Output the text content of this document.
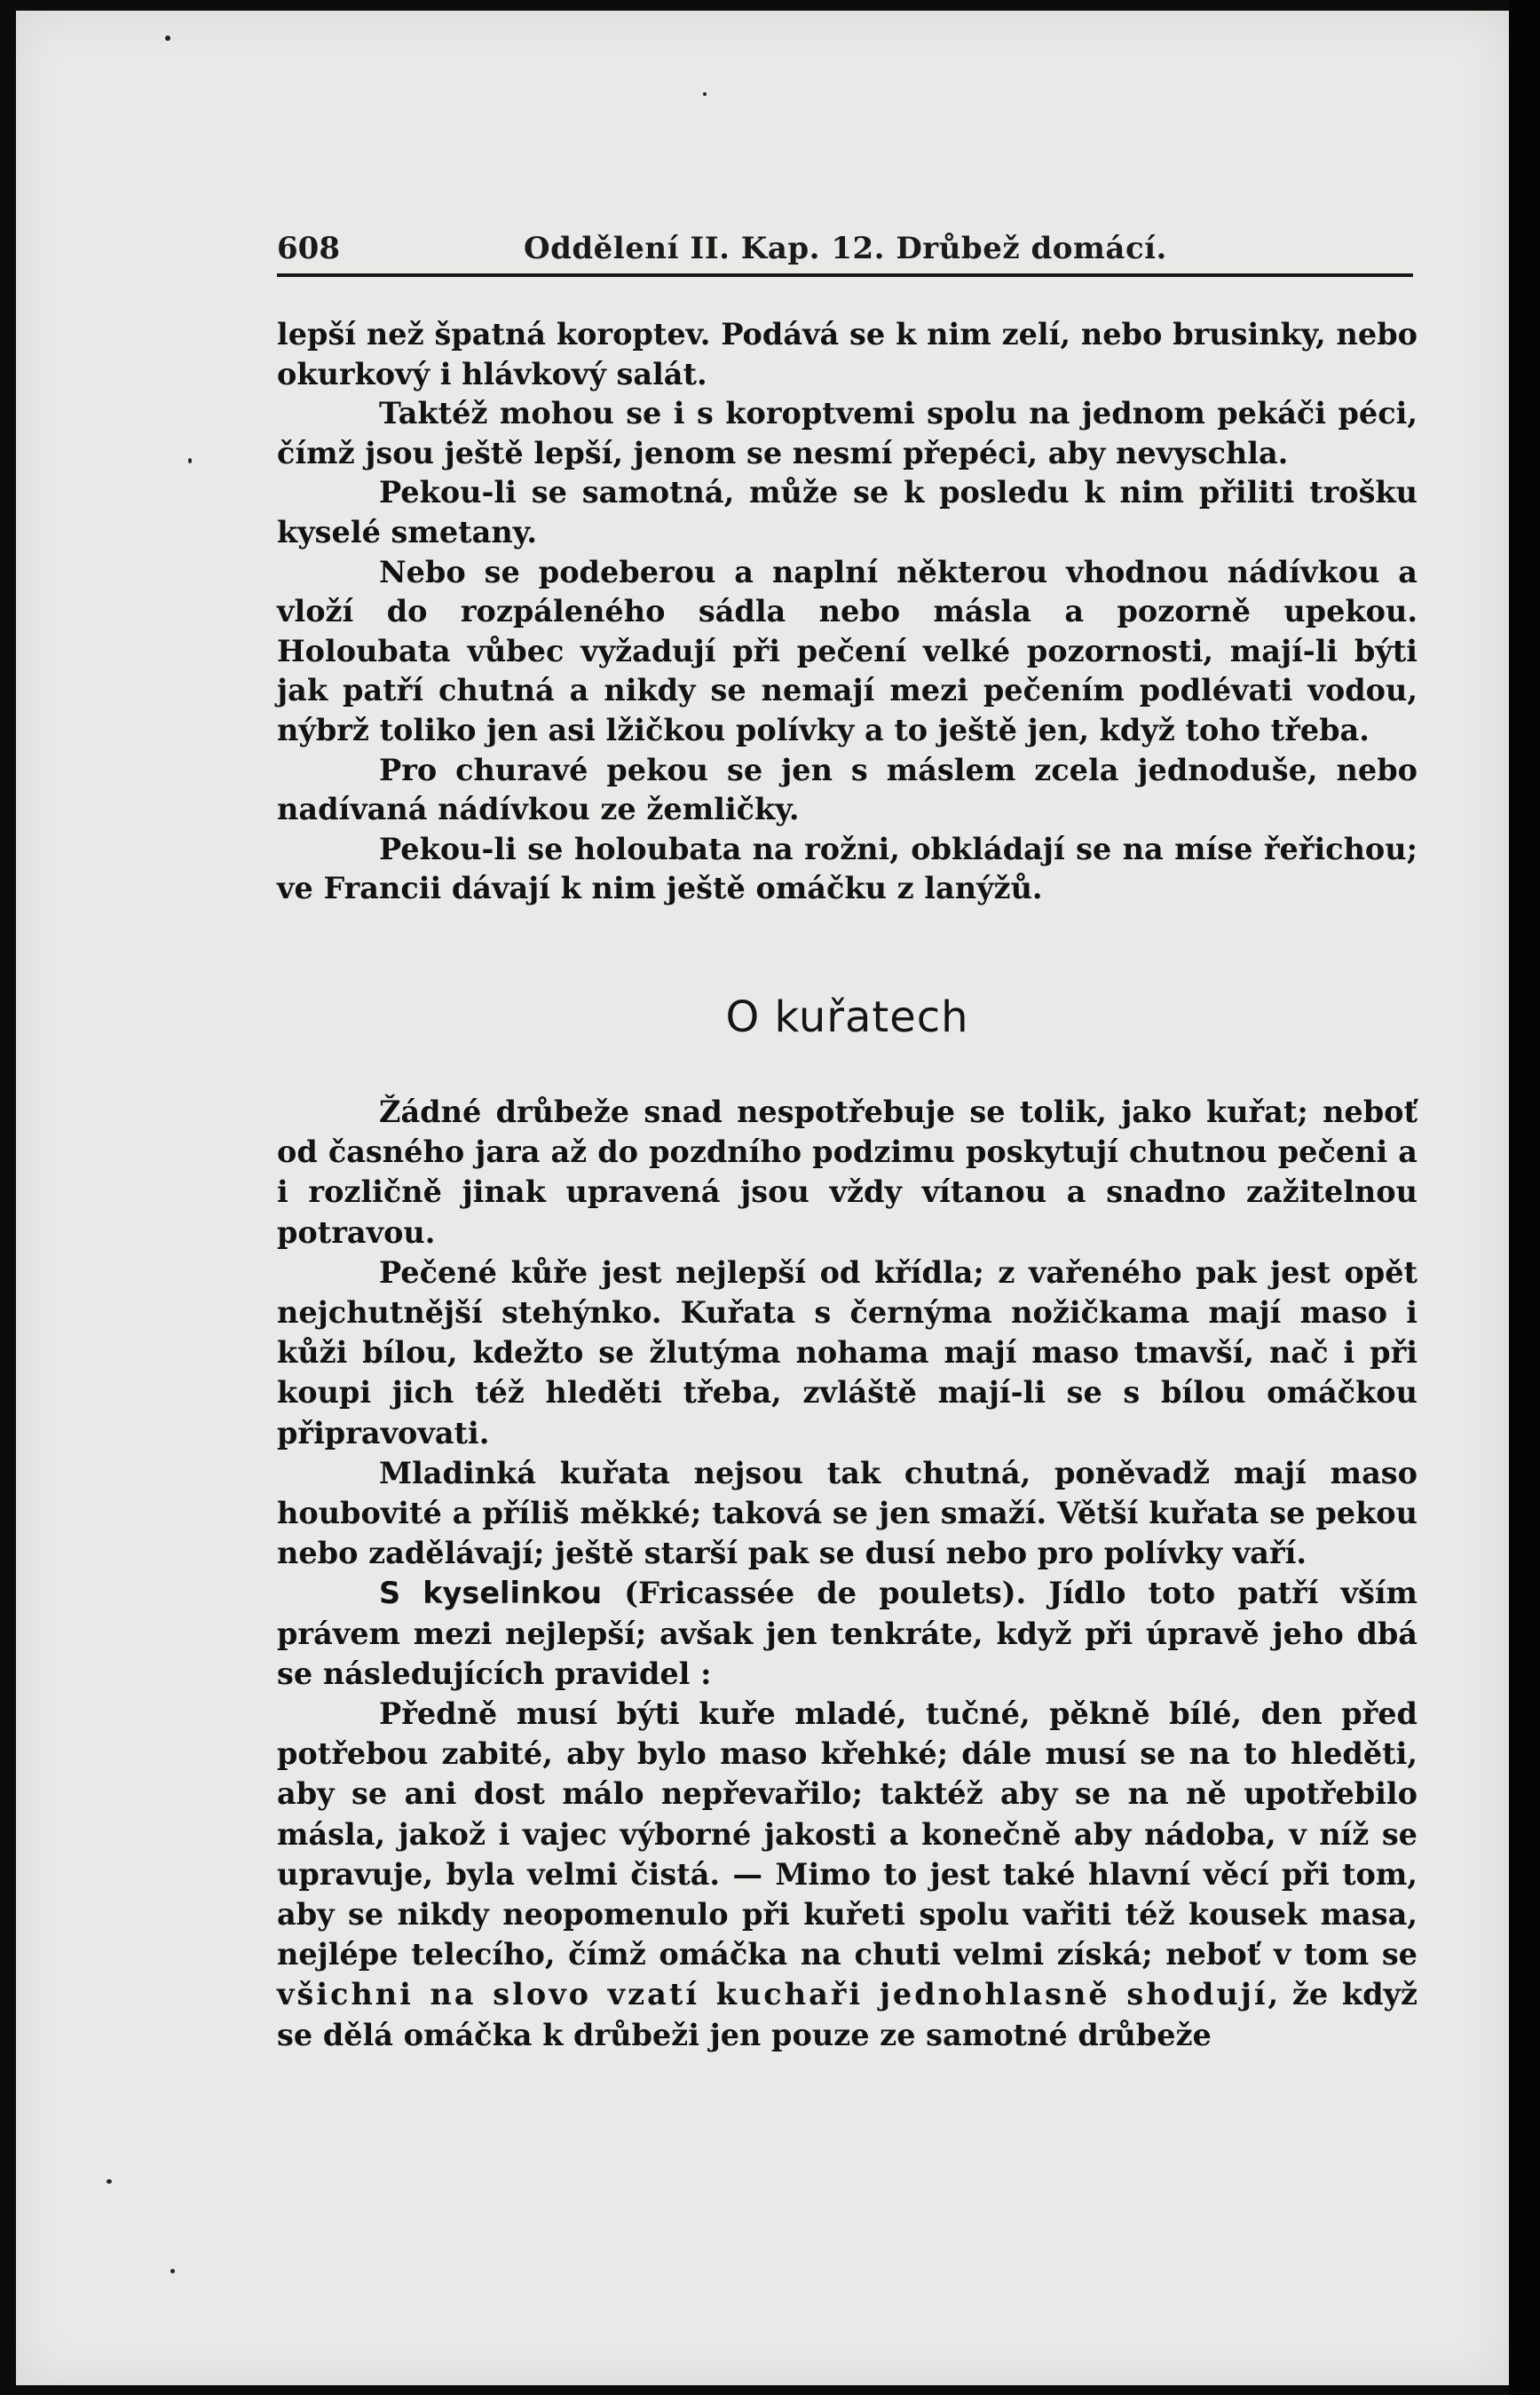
608	Oddělení II. Kap. 12. Drůbež domácí.

lepší než špatná koroptev. Podává se k nim zelí, nebo brusinky, nebo okurkový i hlávkový salát.

Taktéž mohou se i s koroptvemi spolu na jednom pekáči péci, čímž jsou ještě lepší, jenom se nesmí přepéci, aby nevyschla.

Pekou-li se samotná, může se k posledu k nim přiliti trošku kyselé smetany.

Nebo se podeberou a naplní některou vhodnou nádívkou a vloží do rozpáleného sádla nebo másla a pozorně upekou. Holoubata vůbec vyžadují při pečení velké pozornosti, mají-li býti jak patří chutná a nikdy se nemají mezi pečením podlévati vodou, nýbrž toliko jen asi lžičkou polívky a to ještě jen, když toho třeba.

Pro churavé pekou se jen s máslem zcela jednoduše, nebo nadívaná nádívkou ze žemličky.

Pekou-li se holoubata na rožni, obkládají se na míse řeřichou; ve Francii dávají k nim ještě omáčku z lanýžů.

O kuřatech

Žádné drůbeže snad nespotřebuje se tolik, jako kuřat; neboť od časného jara až do pozdního podzimu poskytují chutnou pečeni a i rozličně jinak upravená jsou vždy vítanou a snadno zažitelnou potravou.

Pečené kůře jest nejlepší od křídla; z vařeného pak jest opět nejchutnější stehýnko. Kuřata s černýma nožičkama mají maso i kůži bílou, kdežto se žlutýma nohama mají maso tmavší, nač i při koupi jich též hleděti třeba, zvláště mají-li se s bílou omáčkou připravovati.

Mladinká kuřata nejsou tak chutná, poněvadž mají maso houbovité a příliš měkké; taková se jen smaží. Větší kuřata se pekou nebo zadělávají; ještě starší pak se dusí nebo pro polívky vaří.

S kyselinkou (Fricassée de poulets). Jídlo toto patří vším právem mezi nejlepší; avšak jen tenkráte, když při úpravě jeho dbá se následujících pravidel :

Předně musí býti kuře mladé, tučné, pěkně bílé, den před potřebou zabité, aby bylo maso křehké; dále musí se na to hleděti, aby se ani dost málo nepřevařilo; taktéž aby se na ně upotřebilo másla, jakož i vajec výborné jakosti a konečně aby nádoba, v níž se upravuje, byla velmi čistá. — Mimo to jest také hlavní věcí při tom, aby se nikdy neopomenulo při kuřeti spolu vařiti též kousek masa, nejlépe telecího, čímž omáčka na chuti velmi získá; neboť v tom se všichni na slovo vzatí kuchaři jednohlasně shodují, že když se dělá omáčka k drůbeži jen pouze ze samotné drůbeže
